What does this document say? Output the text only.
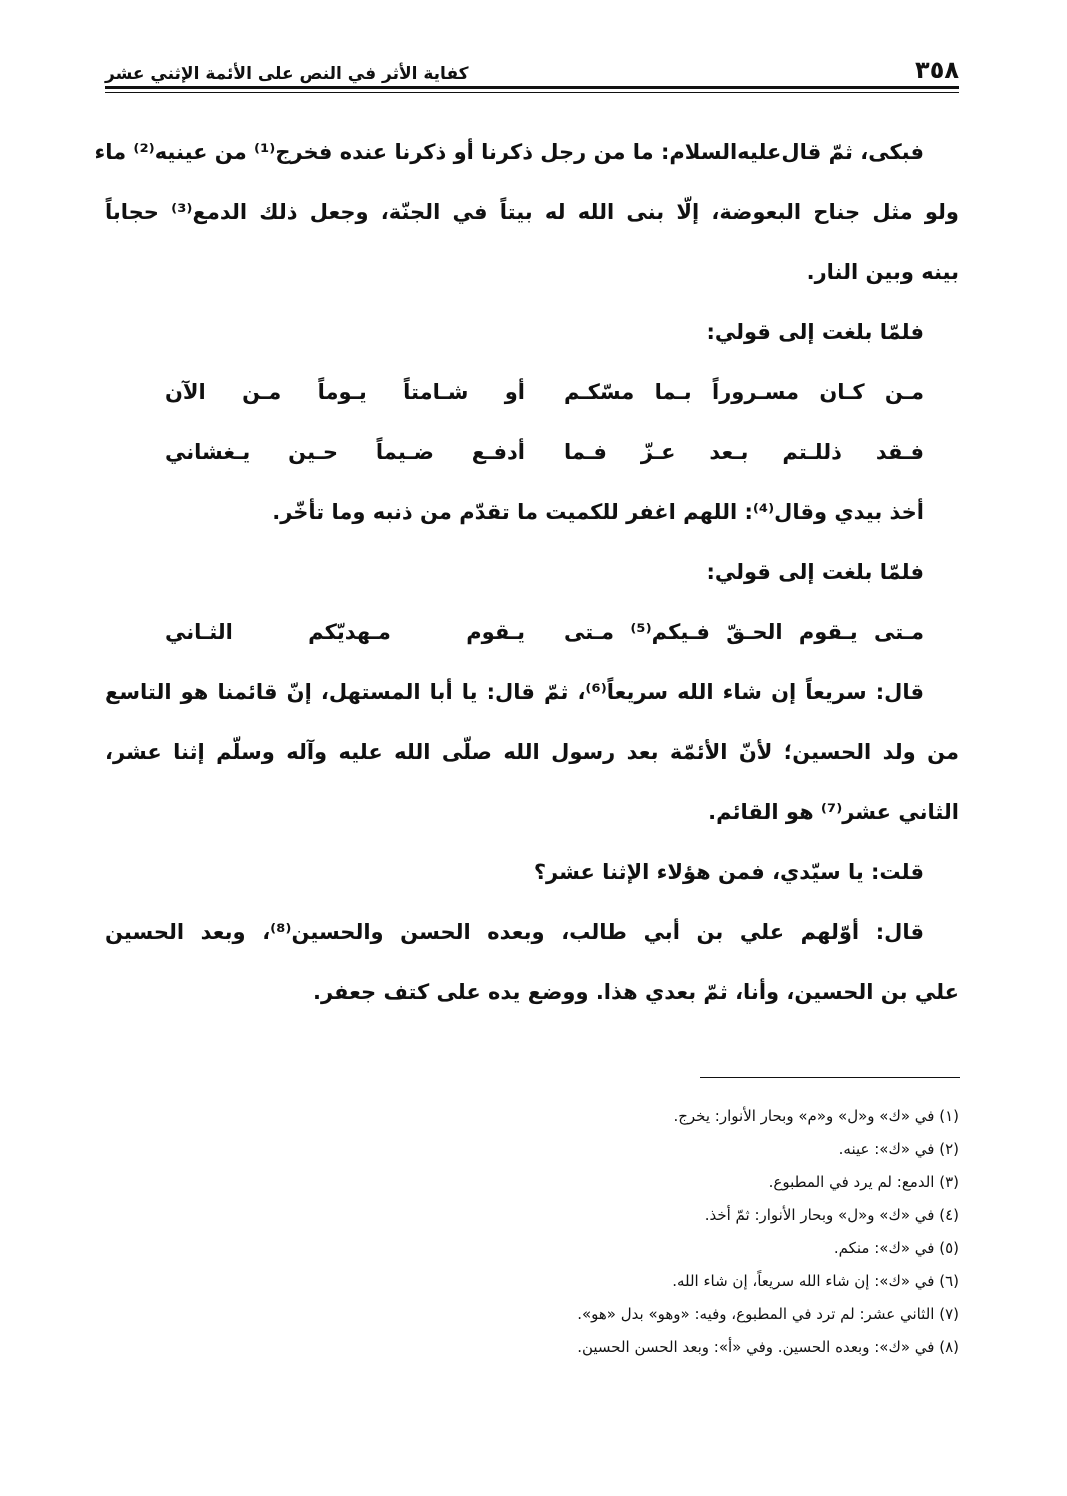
٣٥٨
كفاية الأثر في النص على الأئمة الإثني عشر
فبكى، ثمّ قال‌عليه‌السلام: ما من رجل ذكرنا أو ذكرنا عنده فخرج⁽¹⁾ من عينيه⁽²⁾ ماء
ولو مثل جناح البعوضة، إلّا بنى الله له بيتاً في الجنّة، وجعل ذلك الدمع⁽³⁾ حجاباً
بينه وبين النار.
فلمّا بلغت إلى قولي:
مـن كـان مسـروراً بـما مسّكـم
أو شـامتاً يـوماً مـن الآن
فـقد ذللـتم بـعد عـزّ فـما
أدفـع ضـيماً حـين يـغشاني
أخذ بيدي وقال⁽⁴⁾: اللهم اغفر للكميت ما تقدّم من ذنبه وما تأخّر.
فلمّا بلغت إلى قولي:
مـتى يـقوم الحـقّ فـيكم⁽⁵⁾ مـتى
يـقوم مـهديّكم الثـاني
قال: سريعاً إن شاء الله سريعاً⁽⁶⁾، ثمّ قال: يا أبا المستهل، إنّ قائمنا هو التاسع
من ولد الحسين؛ لأنّ الأئمّة بعد رسول الله صلّى الله عليه وآله وسلّم إثنا عشر،
الثاني عشر⁽⁷⁾ هو القائم.
قلت: يا سيّدي، فمن هؤلاء الإثنا عشر؟
قال: أوّلهم علي بن أبي طالب، وبعده الحسن والحسين⁽⁸⁾، وبعد الحسين
علي بن الحسين، وأنا، ثمّ بعدي هذا. ووضع يده على كتف جعفر.
(١) في «ك» و«ل» و«م» وبحار الأنوار: يخرج.
(٢) في «ك»: عينه.
(٣) الدمع: لم يرد في المطبوع.
(٤) في «ك» و«ل» وبحار الأنوار: ثمّ أخذ.
(٥) في «ك»: منكم.
(٦) في «ك»: إن شاء الله سريعاً، إن شاء الله.
(٧) الثاني عشر: لم ترد في المطبوع، وفيه: «وهو» بدل «هو».
(٨) في «ك»: وبعده الحسين. وفي «أ»: وبعد الحسن الحسين.
